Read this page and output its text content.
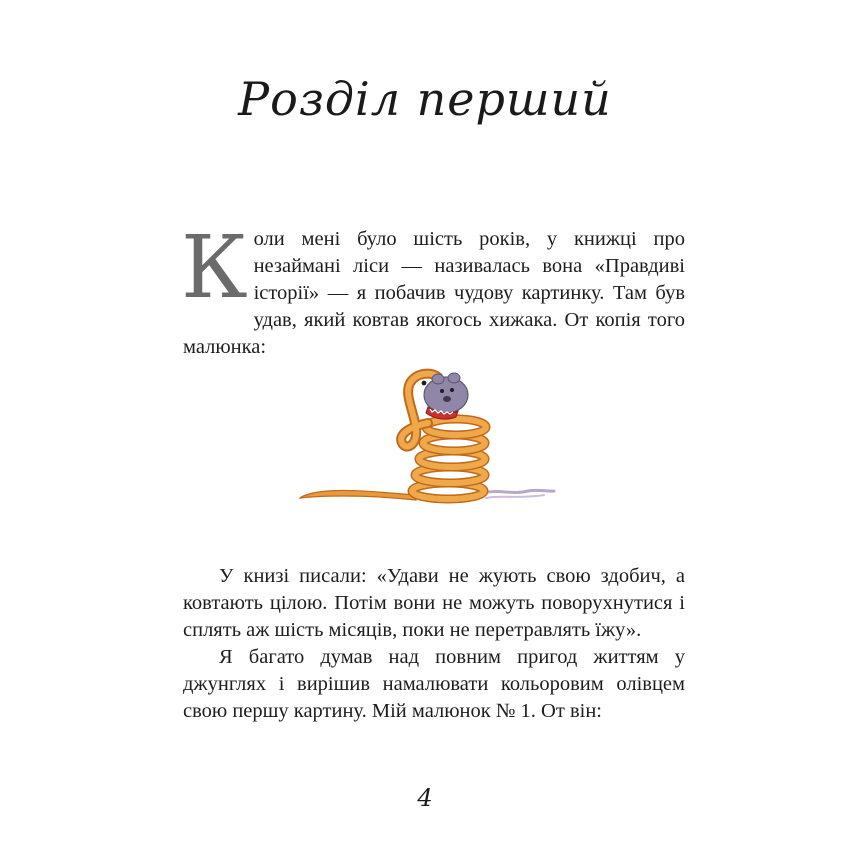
Розділ перший
К оли мені було шість років, у книжці про незаймані ліси — називалась вона «Правдиві історії» — я побачив чудову картинку. Там був удав, який ковтав якогось хижака. От копія того малюнка:

У книзі писали: «Удави не жують свою здобич, а ковтають цілою. Потім вони не можуть поворухнутися і сплять аж шість місяців, поки не перетравлять їжу».

Я багато думав над повним пригод життям у джунглях і вирішив намалювати кольоровим олівцем свою першу картину. Мій малюнок № 1. От він:

4
